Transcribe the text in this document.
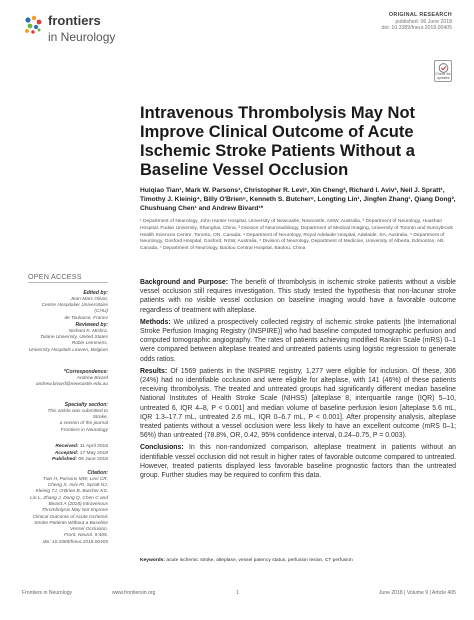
frontiers
in Neurology
ORIGINAL RESEARCH
published: 06 June 2018
doi: 10.3389/fneur.2018.00405
Check for updates
Intravenous Thrombolysis May Not Improve Clinical Outcome of Acute Ischemic Stroke Patients Without a Baseline Vessel Occlusion
Huiqiao Tian¹, Mark W. Parsons¹, Christopher R. Levi¹, Xin Cheng², Richard I. Aviv³, Neil J. Spratt¹, Timothy J. Kleinig⁴, Billy O'Brien⁵, Kenneth S. Butcher⁶, Longting Lin¹, Jingfen Zhang¹, Qiang Dong², Chushuang Chen¹ and Andrew Bivard¹*
¹ Department of Neurology, John Hunter Hospital, University of Newcastle, Newcastle, NSW, Australia, ² Department of Neurology, Huashan Hospital, Fudan University, Shanghai, China, ³ Division of Neuroradiology, Department of Medical Imaging, University of Toronto and Sunnybrook Health Sciences Centre, Toronto, ON, Canada, ⁴ Department of Neurology, Royal Adelaide Hospital, Adelaide, SA, Australia, ⁵ Department of Neurology, Gosford Hospital, Gosford, NSW, Australia, ⁶ Division of Neurology, Department of Medicine, University of Alberta, Edmonton, AB, Canada, ⁷ Department of Neurology, Baotou Central Hospital, Baotou, China
OPEN ACCESS
Edited by:
Jean-Marc Olivot,
Centre Hospitalier Universitaire (CHU)
de Toulouse, France
Reviewed by:
Nishant K. Mishra,
Tulane University, United States
Robin Lemmens,
University Hospitals Leuven, Belgium
*Correspondence:
Andrew Bivard
andrew.bivard@newcastle.edu.au
Specialty section:
This article was submitted to
Stroke,
a section of the journal
Frontiers in Neurology
Received: 11 April 2018
Accepted: 17 May 2018
Published: 06 June 2018
Citation:
Tian H, Parsons MW, Levi CR,
Cheng X, Aviv RI, Spratt NJ,
Kleinig TJ, O'Brien B, Butcher KS,
Lin L, Zhang J, Dong Q, Chen C and
Bivard A (2018) Intravenous
Thrombolysis May Not Improve
Clinical Outcome of Acute Ischemic
Stroke Patients Without a Baseline
Vessel Occlusion.
Front. Neurol. 9:405.
doi: 10.3389/fneur.2018.00405

Background and Purpose: The benefit of thrombolysis in ischemic stroke patients without a visible vessel occlusion still requires investigation. This study tested the hypothesis that non-lacunar stroke patients with no visible vessel occlusion on baseline imaging would have a favorable outcome regardless of treatment with alteplase.

Methods: We utilized a prospectively collected registry of ischemic stroke patients [the International Stroke Perfusion Imaging Registry (INSPIRE)] who had baseline computed tomographic perfusion and computed tomographic angiography. The rates of patients achieving modified Rankin Scale (mRS) 0–1 were compared between alteplase treated and untreated patients using logistic regression to generate odds ratios.

Results: Of 1569 patients in the INSPIRE registry, 1,277 were eligible for inclusion. Of these, 306 (24%) had no identifiable occlusion and were eligible for alteplase, with 141 (46%) of these patients receiving thrombolysis. The treated and untreated groups had significantly different median baseline National Institutes of Health Stroke Scale (NIHSS) [alteplase 8, interquartile range (IQR) 5–10, untreated 6, IQR 4–8, P < 0.001] and median volume of baseline perfusion lesion [alteplase 5.6 mL, IQR 1.3–17.7 mL, untreated 2.6 mL, IQR 0–6.7 mL, P < 0.001]. After propensity analysis, alteplase treated patients without a vessel occlusion were less likely to have an excellent outcome (mRS 0–1; 56%) than untreated (78.8%, OR, 0.42, 95% confidence interval, 0.24–0.75, P = 0.003).

Conclusions: In this non-randomized comparison, alteplase treatment in patients without an identifiable vessel occlusion did not result in higher rates of favorable outcome compared to untreated. However, treated patients displayed less favorable baseline prognostic factors than the untreated group. Further studies may be required to confirm this data.

Keywords: acute ischemic stroke, alteplase, vessel patency status, perfusion lesion, CT perfusion
Frontiers in Neurology	www.frontiersin.org	1	June 2018 | Volume 9 | Article 405
